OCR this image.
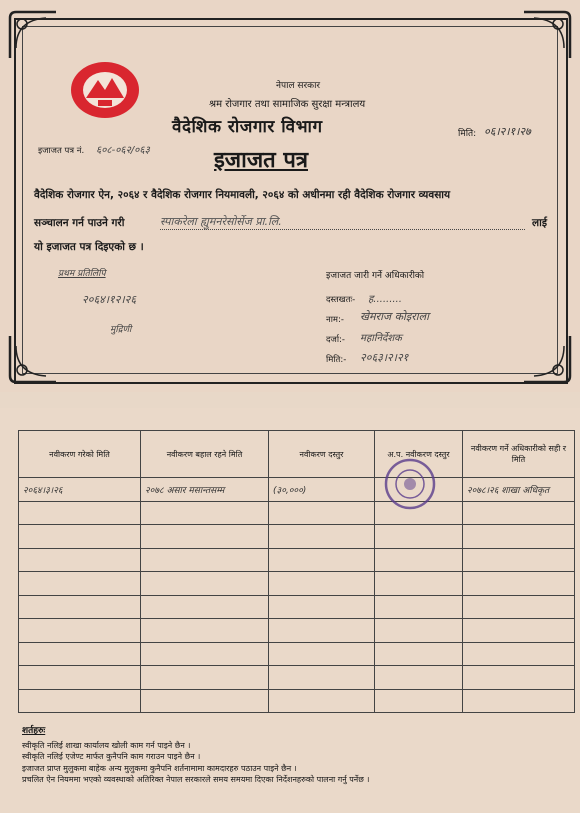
नेपाल सरकार
श्रम रोजगार तथा सामाजिक सुरक्षा मन्त्रालय
वैदेशिक रोजगार विभाग	मिति: ०६।२।१।२७
इजाजत पत्र नं. ६०८-०६२/०६३	इजाजत पत्र
वैदेशिक रोजगार ऐन, २०६४ र वैदेशिक रोजगार नियमावली, २०६४ को अधीनमा रही वैदेशिक रोजगार व्यवसाय
सञ्चालन गर्न पाउने गरी	स्पाकरेला ह्युमनरेसोर्सेज प्रा.लि.	लाई
यो इजाजत पत्र दिइएको छ ।
प्रथम प्रतिलिपि
२०६४।१२।२६
मुद्रिणी
इजाजत जारी गर्ने अधिकारीको
दस्तखतः- ह.........
नाम:- खेमराज कोइराला
दर्जा:- महानिर्देशक
मिति:- २०६३।२।२१
नवीकरण गरेको मिति	नवीकरण बहाल रहने मिति	नवीकरण दस्तुर	अ.प. नवीकरण दस्तुर	नवीकरण गर्ने अधिकारीको सही र मिति
२०६४।३।२६	२०७८ असार मसान्तसम्म	(३०,०००)		२०७८।२६ शाखा अधिकृत

शर्तहरुः
स्वीकृति नलिई शाखा कार्यालय खोली काम गर्न पाइने छैन ।
स्वीकृति नलिई एजेण्ट मार्फत कुनैपनि काम गराउन पाइने छैन ।
इजाजत प्राप्त मुलुकमा बाहेक अन्य मुलुकमा कुनैपनि शर्तनामामा कामदारहरु पठाउन पाइने छैन ।
प्रचलित ऐन नियममा भएको व्यवस्थाको अतिरिक्त नेपाल सरकारले समय समयमा दिएका निर्देशनहरुको पालना गर्नु पर्नेछ ।
